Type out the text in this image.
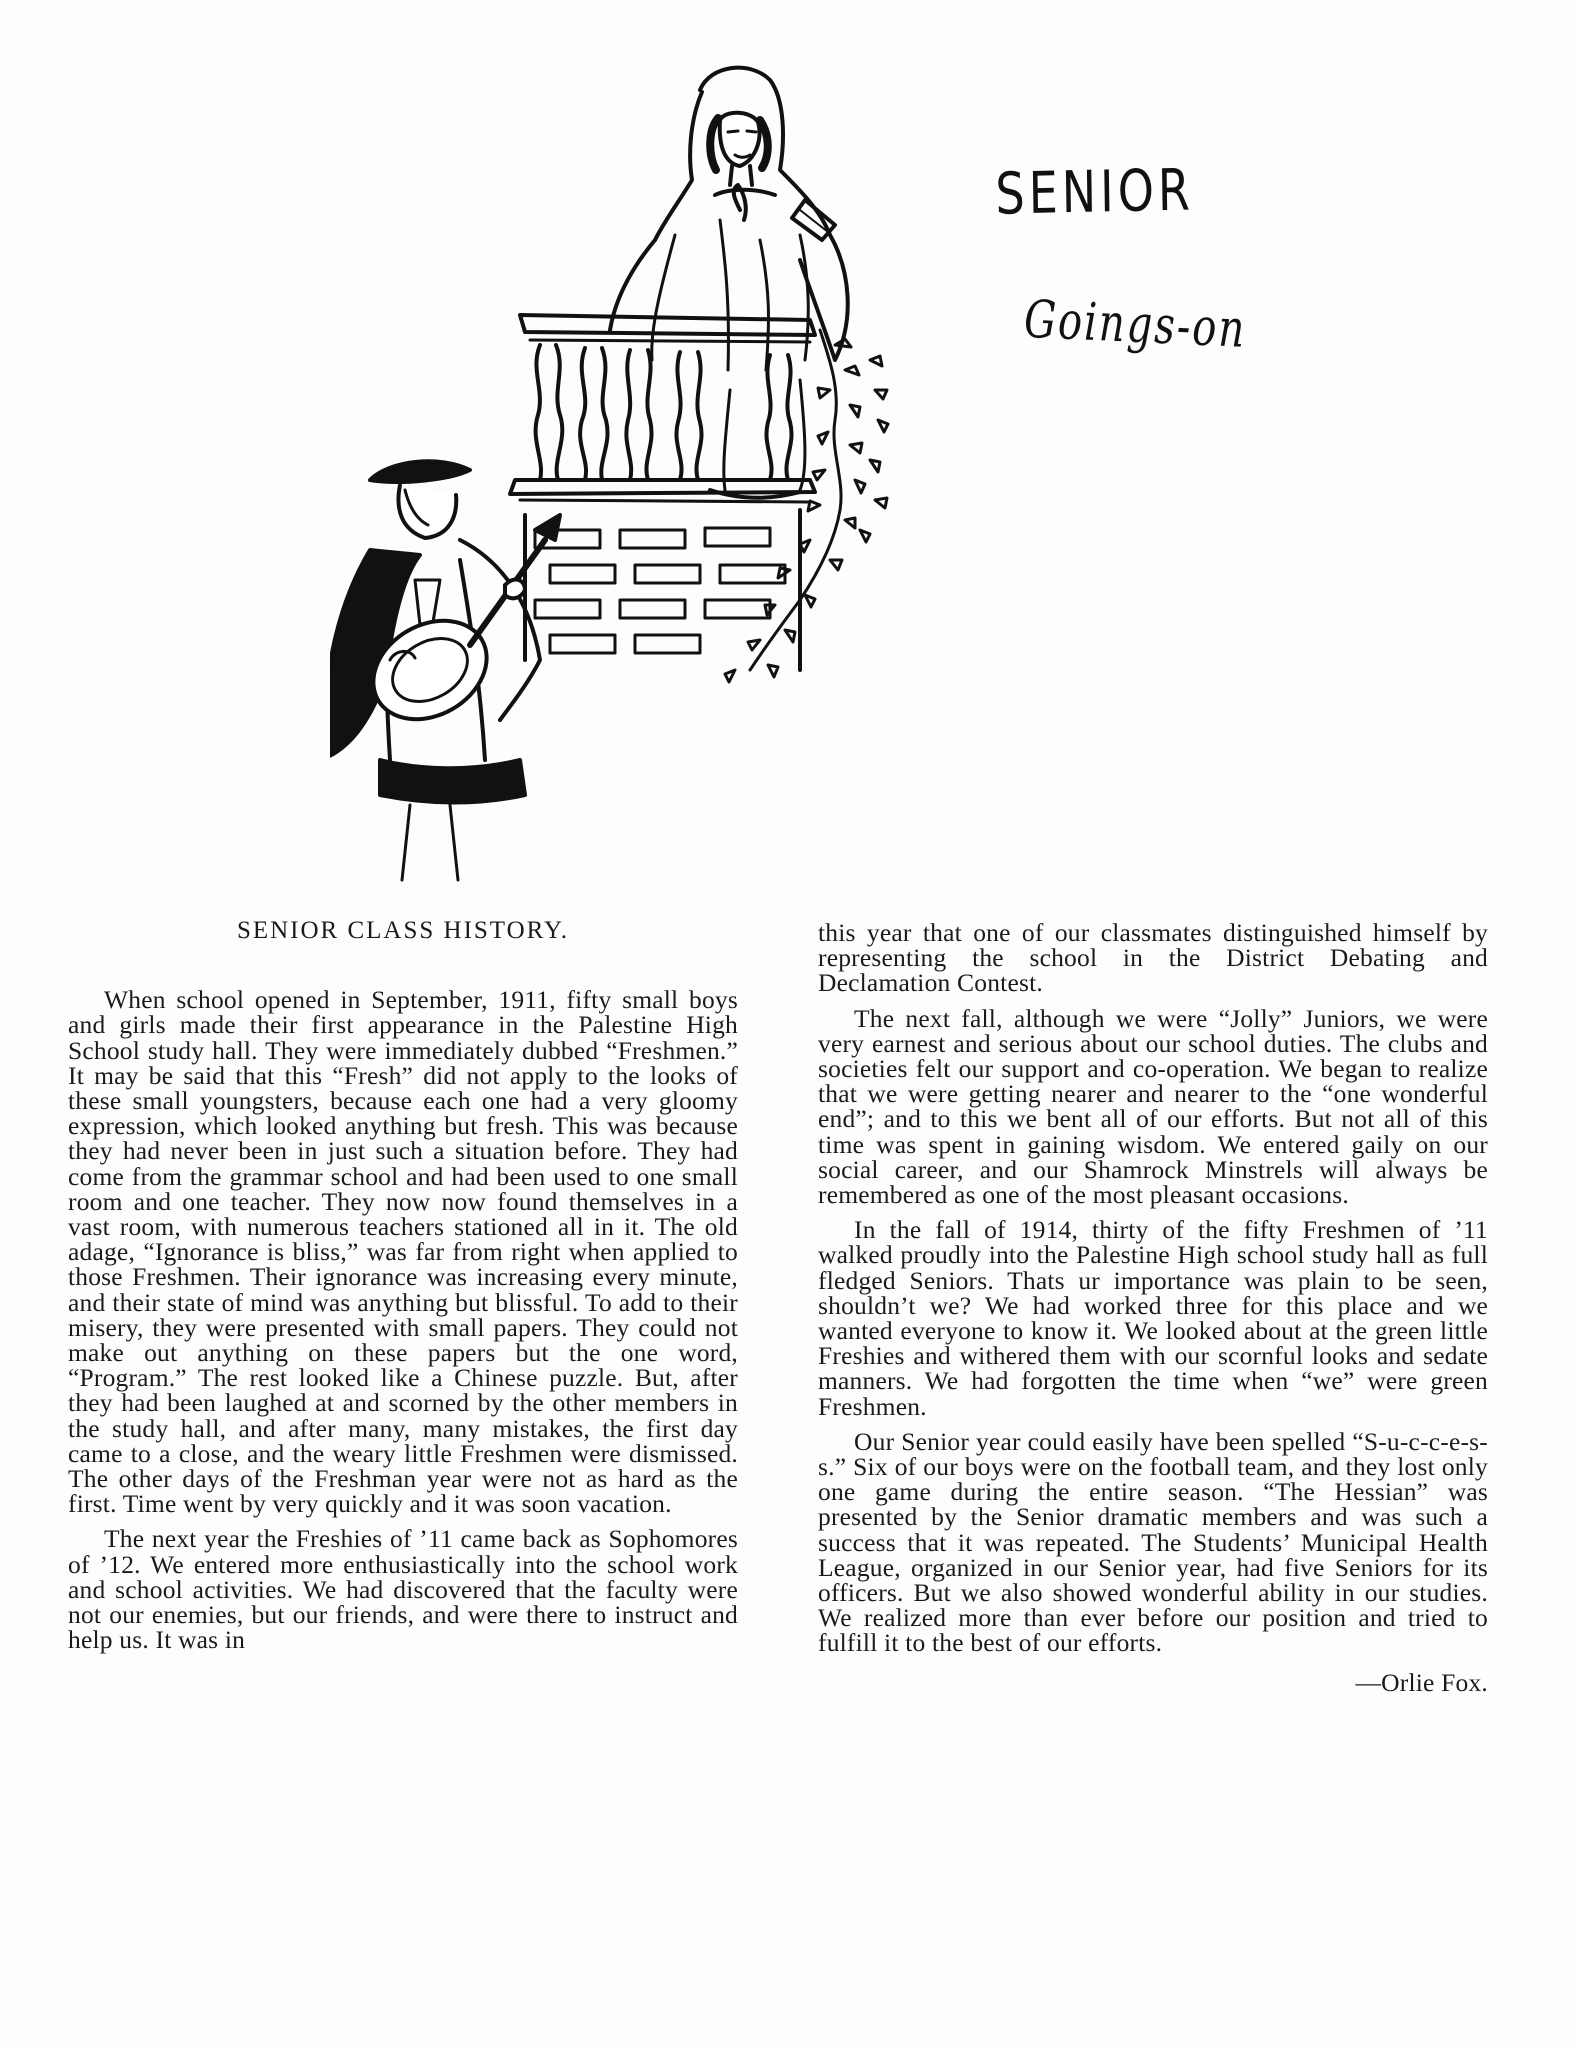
SENIOR
Goings-on
SENIOR CLASS HISTORY.

When school opened in September, 1911, fifty small boys and girls made their first appearance in the Palestine High School study hall. They were immediately dubbed “Freshmen.” It may be said that this “Fresh” did not apply to the looks of these small youngsters, because each one had a very gloomy expression, which looked anything but fresh. This was because they had never been in just such a situation before. They had come from the grammar school and had been used to one small room and one teacher. They now now found themselves in a vast room, with numerous teachers stationed all in it. The old adage, “Ignorance is bliss,” was far from right when applied to those Freshmen. Their ignorance was increasing every minute, and their state of mind was anything but blissful. To add to their misery, they were presented with small papers. They could not make out anything on these papers but the one word, “Program.” The rest looked like a Chinese puzzle. But, after they had been laughed at and scorned by the other members in the study hall, and after many, many mistakes, the first day came to a close, and the weary little Freshmen were dismissed. The other days of the Freshman year were not as hard as the first. Time went by very quickly and it was soon vacation.

The next year the Freshies of ’11 came back as Sophomores of ’12. We entered more enthusiastically into the school work and school activities. We had discovered that the faculty were not our enemies, but our friends, and were there to instruct and help us. It was in

this year that one of our classmates distinguished himself by representing the school in the District Debating and Declamation Contest.

The next fall, although we were “Jolly” Juniors, we were very earnest and serious about our school duties. The clubs and societies felt our support and co-operation. We began to realize that we were getting nearer and nearer to the “one wonderful end”; and to this we bent all of our efforts. But not all of this time was spent in gaining wisdom. We entered gaily on our social career, and our Shamrock Minstrels will always be remembered as one of the most pleasant occasions.

In the fall of 1914, thirty of the fifty Freshmen of ’11 walked proudly into the Palestine High school study hall as full fledged Seniors. Thats ur importance was plain to be seen, shouldn’t we? We had worked three for this place and we wanted everyone to know it. We looked about at the green little Freshies and withered them with our scornful looks and sedate manners. We had forgotten the time when “we” were green Freshmen.

Our Senior year could easily have been spelled “S-u-c-c-e-s-s.” Six of our boys were on the football team, and they lost only one game during the entire season. “The Hessian” was presented by the Senior dramatic members and was such a success that it was repeated. The Students’ Municipal Health League, organized in our Senior year, had five Seniors for its officers. But we also showed wonderful ability in our studies. We realized more than ever before our position and tried to fulfill it to the best of our efforts.

—Orlie Fox.
